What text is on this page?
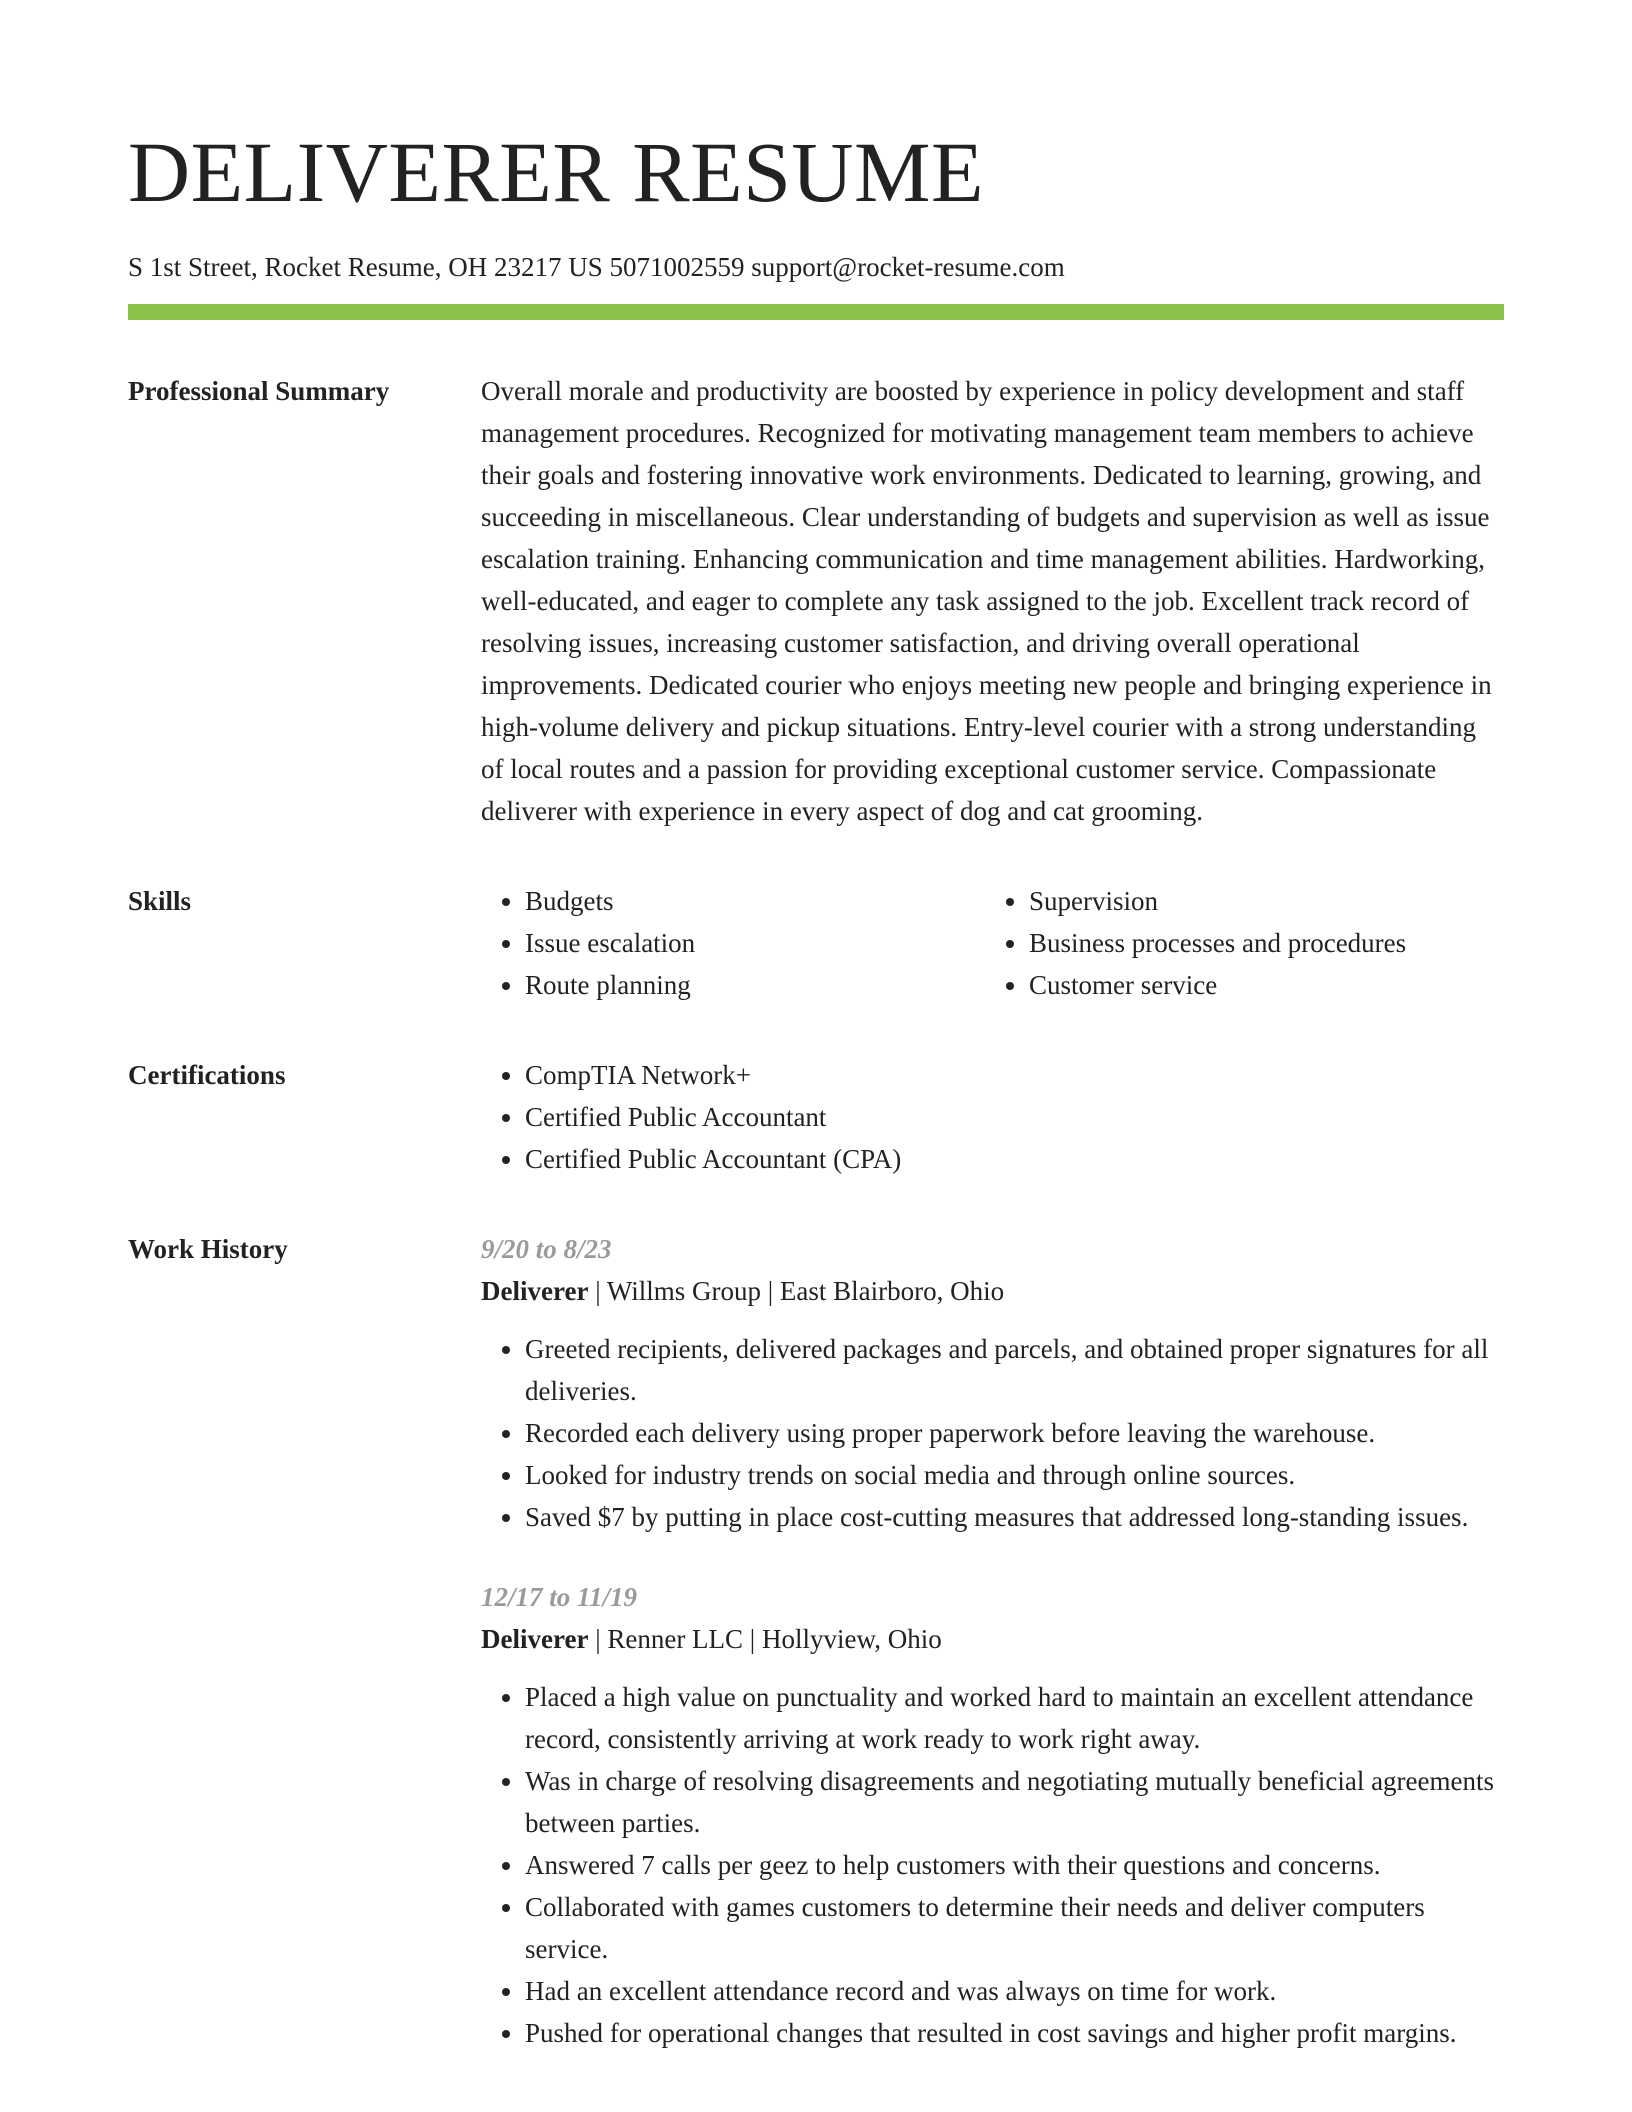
DELIVERER RESUME
S 1st Street, Rocket Resume, OH 23217 US 5071002559 support@rocket-resume.com
Professional Summary	Overall morale and productivity are boosted by experience in policy development and staff management procedures. Recognized for motivating management team members to achieve their goals and fostering innovative work environments. Dedicated to learning, growing, and succeeding in miscellaneous. Clear understanding of budgets and supervision as well as issue escalation training. Enhancing communication and time management abilities. Hardworking, well-educated, and eager to complete any task assigned to the job. Excellent track record of resolving issues, increasing customer satisfaction, and driving overall operational improvements. Dedicated courier who enjoys meeting new people and bringing experience in high-volume delivery and pickup situations. Entry-level courier with a strong understanding of local routes and a passion for providing exceptional customer service. Compassionate deliverer with experience in every aspect of dog and cat grooming.

Skills	• Budgets
• Issue escalation
• Route planning
• Supervision
• Business processes and procedures
• Customer service
Certifications	• CompTIA Network+
• Certified Public Accountant
• Certified Public Accountant (CPA)
Work History	9/20 to 8/23
Deliverer | Willms Group | East Blairboro, Ohio
• Greeted recipients, delivered packages and parcels, and obtained proper signatures for all deliveries.
• Recorded each delivery using proper paperwork before leaving the warehouse.
• Looked for industry trends on social media and through online sources.
• Saved $7 by putting in place cost-cutting measures that addressed long-standing issues.
12/17 to 11/19
Deliverer | Renner LLC | Hollyview, Ohio
• Placed a high value on punctuality and worked hard to maintain an excellent attendance record, consistently arriving at work ready to work right away.
• Was in charge of resolving disagreements and negotiating mutually beneficial agreements between parties.
• Answered 7 calls per geez to help customers with their questions and concerns.
• Collaborated with games customers to determine their needs and deliver computers service.
• Had an excellent attendance record and was always on time for work.
• Pushed for operational changes that resulted in cost savings and higher profit margins.
